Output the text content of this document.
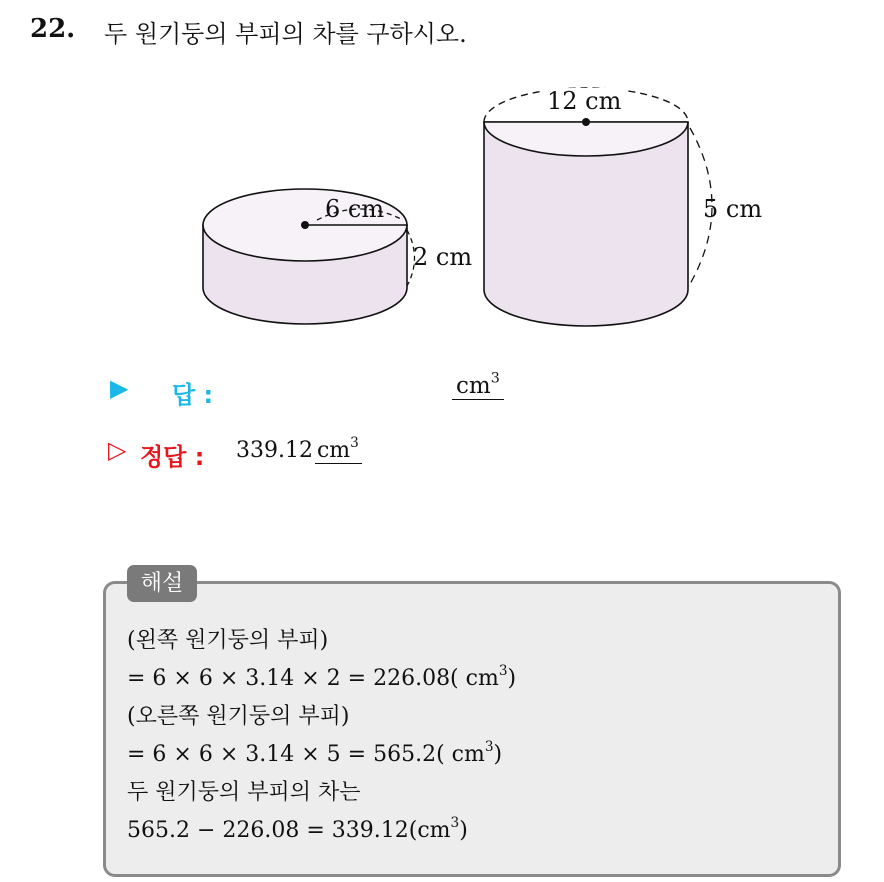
22. 두 원기둥의 부피의 차를 구하시오.
6 cm
2 cm
12 cm
5 cm
▶ 답 :	$cm^3$
▷ 정답 : 339.12 $cm^3$
해설
(왼쪽 원기둥의 부피)
= 6 × 6 × 3.14 × 2 = 226.08( $cm^3$)
(오른쪽 원기둥의 부피)
= 6 × 6 × 3.14 × 5 = 565.2( $cm^3$)
두 원기둥의 부피의 차는
$565.2 - 226.08 = 339.12(cm^3)$
